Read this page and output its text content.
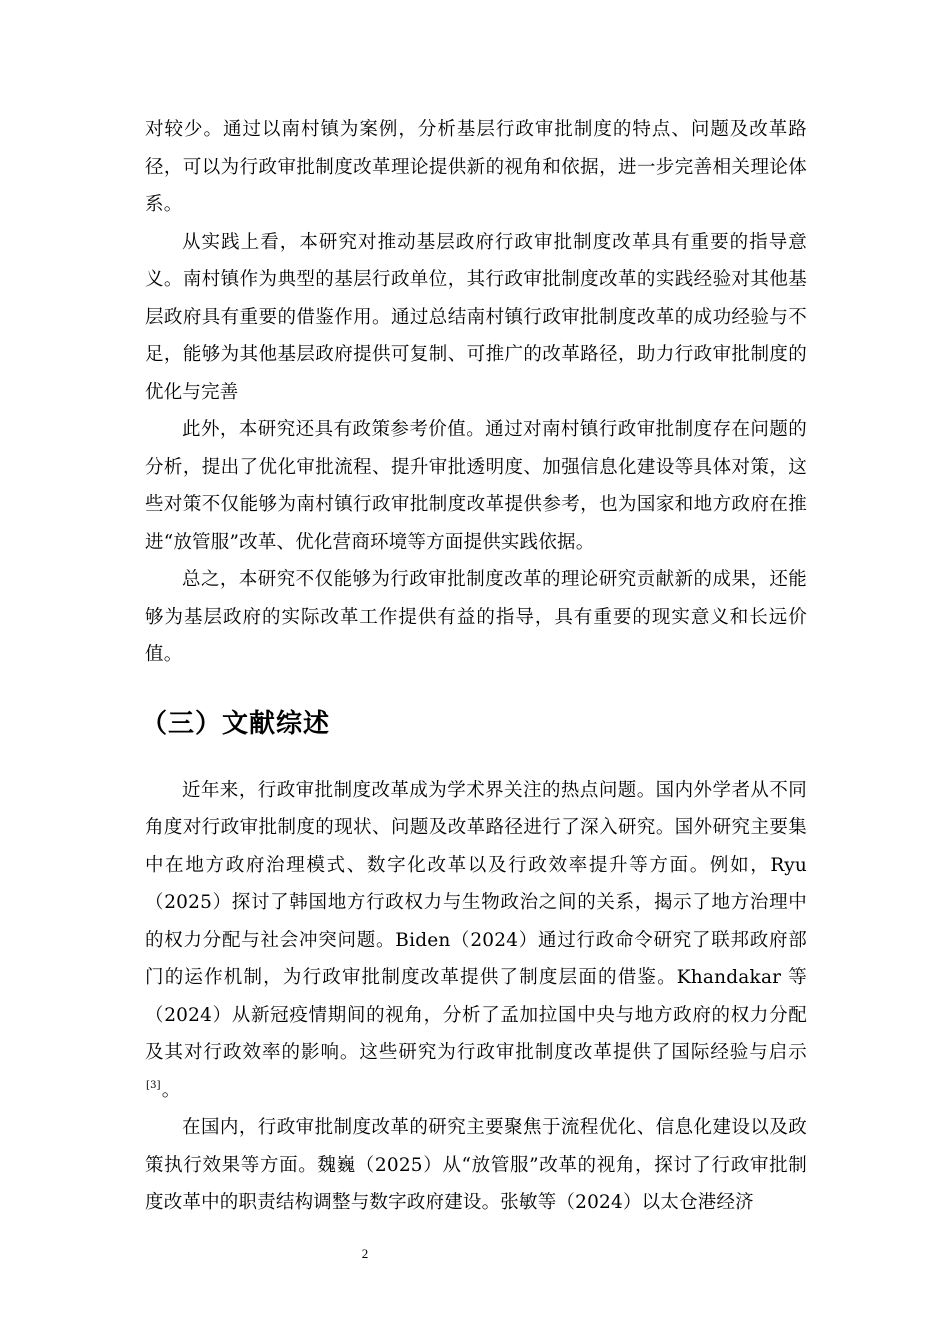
对较少。通过以南村镇为案例，分析基层行政审批制度的特点、问题及改革路径，可以为行政审批制度改革理论提供新的视角和依据，进一步完善相关理论体系。

从实践上看，本研究对推动基层政府行政审批制度改革具有重要的指导意义。南村镇作为典型的基层行政单位，其行政审批制度改革的实践经验对其他基层政府具有重要的借鉴作用。通过总结南村镇行政审批制度改革的成功经验与不足，能够为其他基层政府提供可复制、可推广的改革路径，助力行政审批制度的优化与完善

此外，本研究还具有政策参考价值。通过对南村镇行政审批制度存在问题的分析，提出了优化审批流程、提升审批透明度、加强信息化建设等具体对策，这些对策不仅能够为南村镇行政审批制度改革提供参考，也为国家和地方政府在推进“放管服”改革、优化营商环境等方面提供实践依据。

总之，本研究不仅能够为行政审批制度改革的理论研究贡献新的成果，还能够为基层政府的实际改革工作提供有益的指导，具有重要的现实意义和长远价值。

（三）文献综述

近年来，行政审批制度改革成为学术界关注的热点问题。国内外学者从不同角度对行政审批制度的现状、问题及改革路径进行了深入研究。国外研究主要集中在地方政府治理模式、数字化改革以及行政效率提升等方面。例如，Ryu（2025）探讨了韩国地方行政权力与生物政治之间的关系，揭示了地方治理中的权力分配与社会冲突问题。Biden（2024）通过行政命令研究了联邦政府部门的运作机制，为行政审批制度改革提供了制度层面的借鉴。Khandakar 等（2024）从新冠疫情期间的视角，分析了孟加拉国中央与地方政府的权力分配及其对行政效率的影响。这些研究为行政审批制度改革提供了国际经验与启示[3]。

在国内，行政审批制度改革的研究主要聚焦于流程优化、信息化建设以及政策执行效果等方面。魏巍（2025）从“放管服”改革的视角，探讨了行政审批制度改革中的职责结构调整与数字政府建设。张敏等（2024）以太仓港经济

2
